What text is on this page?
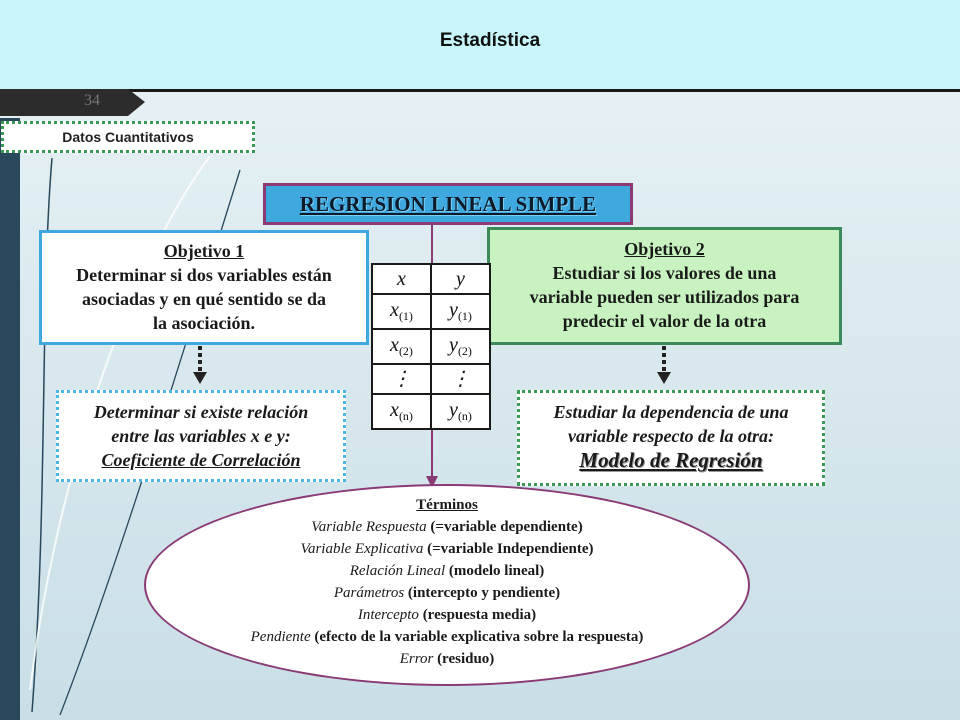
Estadística
34
Datos Cuantitativos
REGRESION LINEAL SIMPLE
Objetivo 1
Determinar si dos variables están
asociadas y en qué sentido se da
la asociación.
Objetivo 2
Estudiar si los valores de una
variable pueden ser utilizados para
predecir el valor de la otra
x	y
$x_{(1)}$	$y_{(1)}$
$x_{(2)}$	$y_{(2)}$
⋮	⋮
$x_{(n)}$	$y_{(n)}$
Determinar si existe relación
entre las variables x e y:
Coeficiente de Correlación
Estudiar la dependencia de una
variable respecto de la otra:
Modelo de Regresión
Términos
Variable Respuesta (=variable dependiente)
Variable Explicativa (=variable Independiente)
Relación Lineal (modelo lineal)
Parámetros (intercepto y pendiente)
Intercepto (respuesta media)
Pendiente (efecto de la variable explicativa sobre la respuesta)
Error (residuo)
